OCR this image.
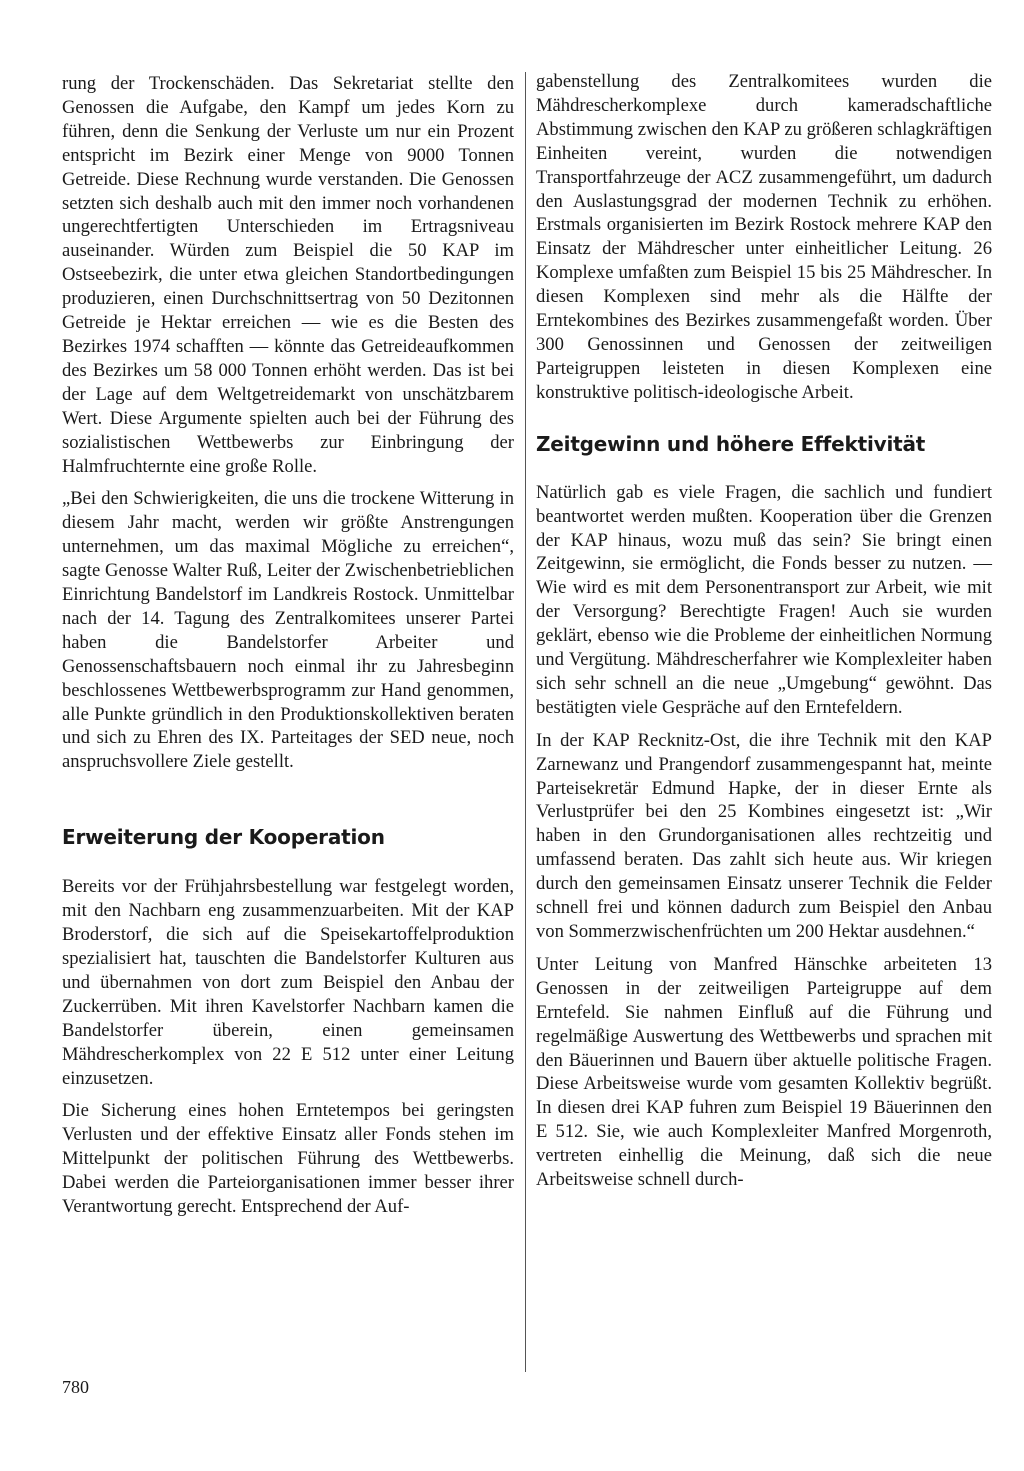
rung der Trockenschäden. Das Sekretariat stellte den Genossen die Aufgabe, den Kampf um jedes Korn zu führen, denn die Senkung der Verluste um nur ein Prozent entspricht im Bezirk einer Menge von 9000 Tonnen Getreide. Diese Rechnung wurde verstanden. Die Genossen setzten sich deshalb auch mit den immer noch vorhandenen ungerechtfertigten Unterschieden im Ertragsniveau auseinander. Würden zum Beispiel die 50 KAP im Ostseebezirk, die unter etwa gleichen Standortbedingungen produzieren, einen Durchschnittsertrag von 50 Dezitonnen Getreide je Hektar erreichen — wie es die Besten des Bezirkes 1974 schafften — könnte das Getreideaufkommen des Bezirkes um 58 000 Tonnen erhöht werden. Das ist bei der Lage auf dem Weltgetreidemarkt von unschätzbarem Wert. Diese Argumente spielten auch bei der Führung des sozialistischen Wettbewerbs zur Einbringung der Halmfruchternte eine große Rolle.

„Bei den Schwierigkeiten, die uns die trockene Witterung in diesem Jahr macht, werden wir größte Anstrengungen unternehmen, um das maximal Mögliche zu erreichen“, sagte Genosse Walter Ruß, Leiter der Zwischenbetrieblichen Einrichtung Bandelstorf im Landkreis Rostock. Unmittelbar nach der 14. Tagung des Zentralkomitees unserer Partei haben die Bandelstorfer Arbeiter und Genossenschaftsbauern noch einmal ihr zu Jahresbeginn beschlossenes Wettbewerbsprogramm zur Hand genommen, alle Punkte gründlich in den Produktionskollektiven beraten und sich zu Ehren des IX. Parteitages der SED neue, noch anspruchsvollere Ziele gestellt.

Erweiterung der Kooperation

Bereits vor der Frühjahrsbestellung war festgelegt worden, mit den Nachbarn eng zusammenzuarbeiten. Mit der KAP Broderstorf, die sich auf die Speisekartoffelproduktion spezialisiert hat, tauschten die Bandelstorfer Kulturen aus und übernahmen von dort zum Beispiel den Anbau der Zuckerrüben. Mit ihren Kavelstorfer Nachbarn kamen die Bandelstorfer überein, einen gemeinsamen Mähdrescherkomplex von 22 E 512 unter einer Leitung einzusetzen.

Die Sicherung eines hohen Erntetempos bei geringsten Verlusten und der effektive Einsatz aller Fonds stehen im Mittelpunkt der politischen Führung des Wettbewerbs. Dabei werden die Parteiorganisationen immer besser ihrer Verantwortung gerecht. Entsprechend der Auf-

gabenstellung des Zentralkomitees wurden die Mähdrescherkomplexe durch kameradschaftliche Abstimmung zwischen den KAP zu größeren schlagkräftigen Einheiten vereint, wurden die notwendigen Transportfahrzeuge der ACZ zusammengeführt, um dadurch den Auslastungsgrad der modernen Technik zu erhöhen. Erstmals organisierten im Bezirk Rostock mehrere KAP den Einsatz der Mähdrescher unter einheitlicher Leitung. 26 Komplexe umfaßten zum Beispiel 15 bis 25 Mähdrescher. In diesen Komplexen sind mehr als die Hälfte der Erntekombines des Bezirkes zusammengefaßt worden. Über 300 Genossinnen und Genossen der zeitweiligen Parteigruppen leisteten in diesen Komplexen eine konstruktive politisch-ideologische Arbeit.

Zeitgewinn und höhere Effektivität

Natürlich gab es viele Fragen, die sachlich und fundiert beantwortet werden mußten. Kooperation über die Grenzen der KAP hinaus, wozu muß das sein? Sie bringt einen Zeitgewinn, sie ermöglicht, die Fonds besser zu nutzen. — Wie wird es mit dem Personentransport zur Arbeit, wie mit der Versorgung? Berechtigte Fragen! Auch sie wurden geklärt, ebenso wie die Probleme der einheitlichen Normung und Vergütung. Mähdrescherfahrer wie Komplexleiter haben sich sehr schnell an die neue „Umgebung“ gewöhnt. Das bestätigten viele Gespräche auf den Erntefeldern.

In der KAP Recknitz-Ost, die ihre Technik mit den KAP Zarnewanz und Prangendorf zusammengespannt hat, meinte Parteisekretär Edmund Hapke, der in dieser Ernte als Verlustprüfer bei den 25 Kombines eingesetzt ist: „Wir haben in den Grundorganisationen alles rechtzeitig und umfassend beraten. Das zahlt sich heute aus. Wir kriegen durch den gemeinsamen Einsatz unserer Technik die Felder schnell frei und können dadurch zum Beispiel den Anbau von Sommerzwischenfrüchten um 200 Hektar ausdehnen.“

Unter Leitung von Manfred Hänschke arbeiteten 13 Genossen in der zeitweiligen Parteigruppe auf dem Erntefeld. Sie nahmen Einfluß auf die Führung und regelmäßige Auswertung des Wettbewerbs und sprachen mit den Bäuerinnen und Bauern über aktuelle politische Fragen. Diese Arbeitsweise wurde vom gesamten Kollektiv begrüßt. In diesen drei KAP fuhren zum Beispiel 19 Bäuerinnen den E 512. Sie, wie auch Komplexleiter Manfred Morgenroth, vertreten einhellig die Meinung, daß sich die neue Arbeitsweise schnell durch-

780
